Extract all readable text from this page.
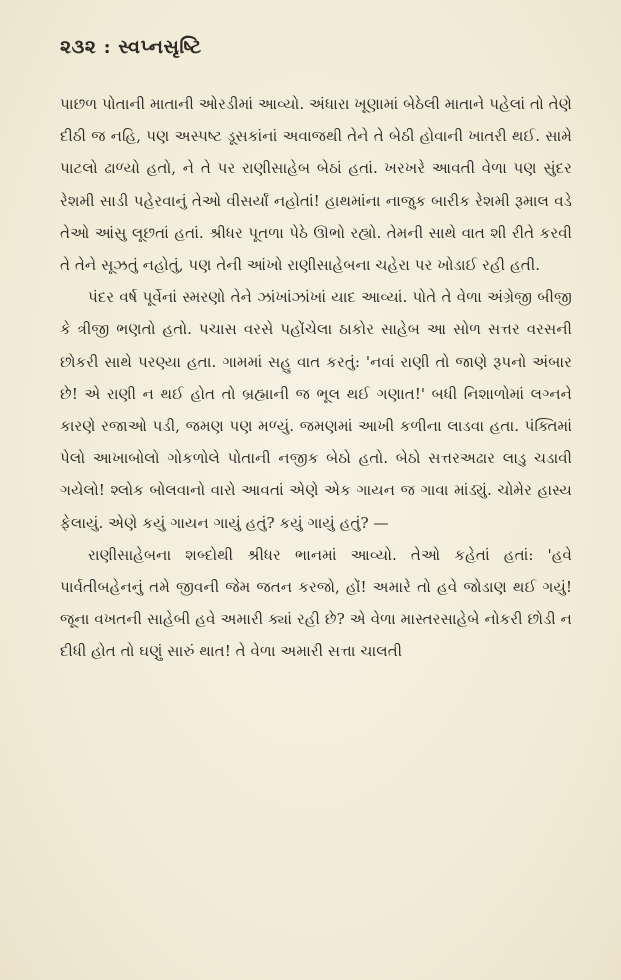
૨૩૨ : સ્વપ્નસૃષ્ટિ

પાછળ પોતાની માતાની ઓરડીમાં આવ્યો. અંધારા ખૂણામાં બેઠેલી માતાને પહેલાં તો તેણે દીઠી જ નહિ, પણ અસ્પષ્ટ ડૂસકાંનાં અવાજથી તેને તે બેઠી હોવાની ખાતરી થઈ. સામે પાટલો ઢાળ્યો હતો, ને તે પર રાણીસાહેબ બેઠાં હતાં. ખરખરે આવતી વેળા પણ સુંદર રેશમી સાડી પહેરવાનું તેઓ વીસર્યાં નહોતાં! હાથમાંના નાજુક બારીક રેશમી રૂમાલ વડે તેઓ આંસુ લૂછતાં હતાં. શ્રીધર પૂતળા પેઠે ઊભો રહ્યો. તેમની સાથે વાત શી રીતે કરવી તે તેને સૂઝતું નહોતું, પણ તેની આંખો રાણીસાહેબના ચહેરા પર ખોડાઈ રહી હતી.

પંદર વર્ષ પૂર્વેનાં સ્મરણો તેને ઝાંખાંઝાંખાં યાદ આવ્યાં. પોતે તે વેળા અંગ્રેજી બીજી કે ત્રીજી ભણતો હતો. પચાસ વરસે પહોંચેલા ઠાકોર સાહેબ આ સોળ સત્તર વરસની છોકરી સાથે પરણ્યા હતા. ગામમાં સહુ વાત કરતું: 'નવાં રાણી તો જાણે રૂપનો અંબાર છે! એ રાણી ન થઈ હોત તો બ્રહ્માની જ ભૂલ થઈ ગણાત!' બધી નિશાળોમાં લગ્નને કારણે રજાઓ પડી, જમણ પણ મળ્યું. જમણમાં આખી કળીના લાડવા હતા. પંક્તિમાં પેલો આખાબોલો ગોકળોલે પોતાની નજીક બેઠો હતો. બેઠો સત્તરઅઢાર લાડુ ચડાવી ગયેલો! શ્લોક બોલવાનો વારો આવતાં એણે એક ગાયન જ ગાવા માંડ્યું. ચોમેર હાસ્ય ફેલાયું. એણે કયું ગાયન ગાયું હતું? કયું ગાયું હતું? —

રાણીસાહેબના શબ્દોથી શ્રીધર ભાનમાં આવ્યો. તેઓ કહેતાં હતાં: 'હવે પાર્વતીબહેનનું તમે જીવની જેમ જતન કરજો, હોં! અમારે તો હવે જોડાણ થઈ ગયું! જૂના વખતની સાહેબી હવે અમારી ક્યાં રહી છે? એ વેળા માસ્તરસાહેબે નોકરી છોડી ન દીધી હોત તો ઘણું સારું થાત! તે વેળા અમારી સત્તા ચાલતી
